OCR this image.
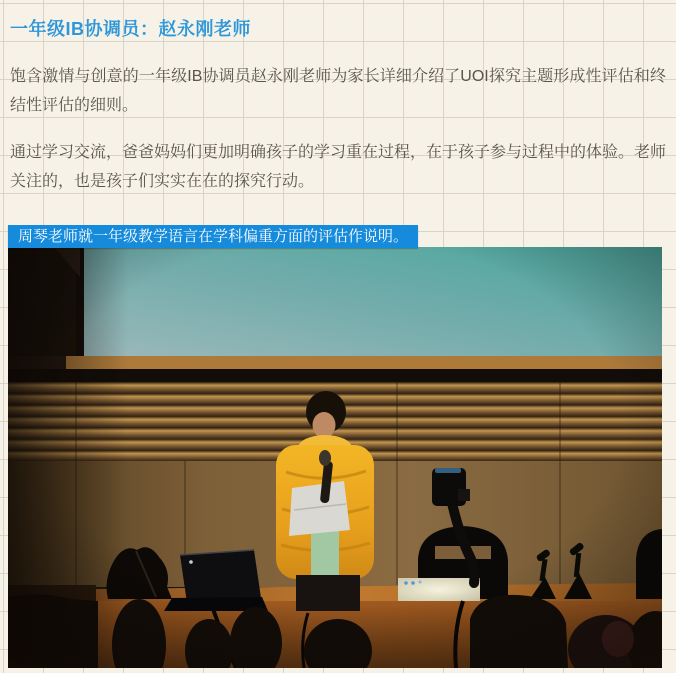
一年级IB协调员：赵永刚老师
饱含激情与创意的一年级IB协调员赵永刚老师为家长详细介绍了UOI探究主题形成性评估和终结性评估的细则。
通过学习交流，爸爸妈妈们更加明确孩子的学习重在过程，在于孩子参与过程中的体验。老师关注的，也是孩子们实实在在的探究行动。
周琴老师就一年级教学语言在学科偏重方面的评估作说明。
